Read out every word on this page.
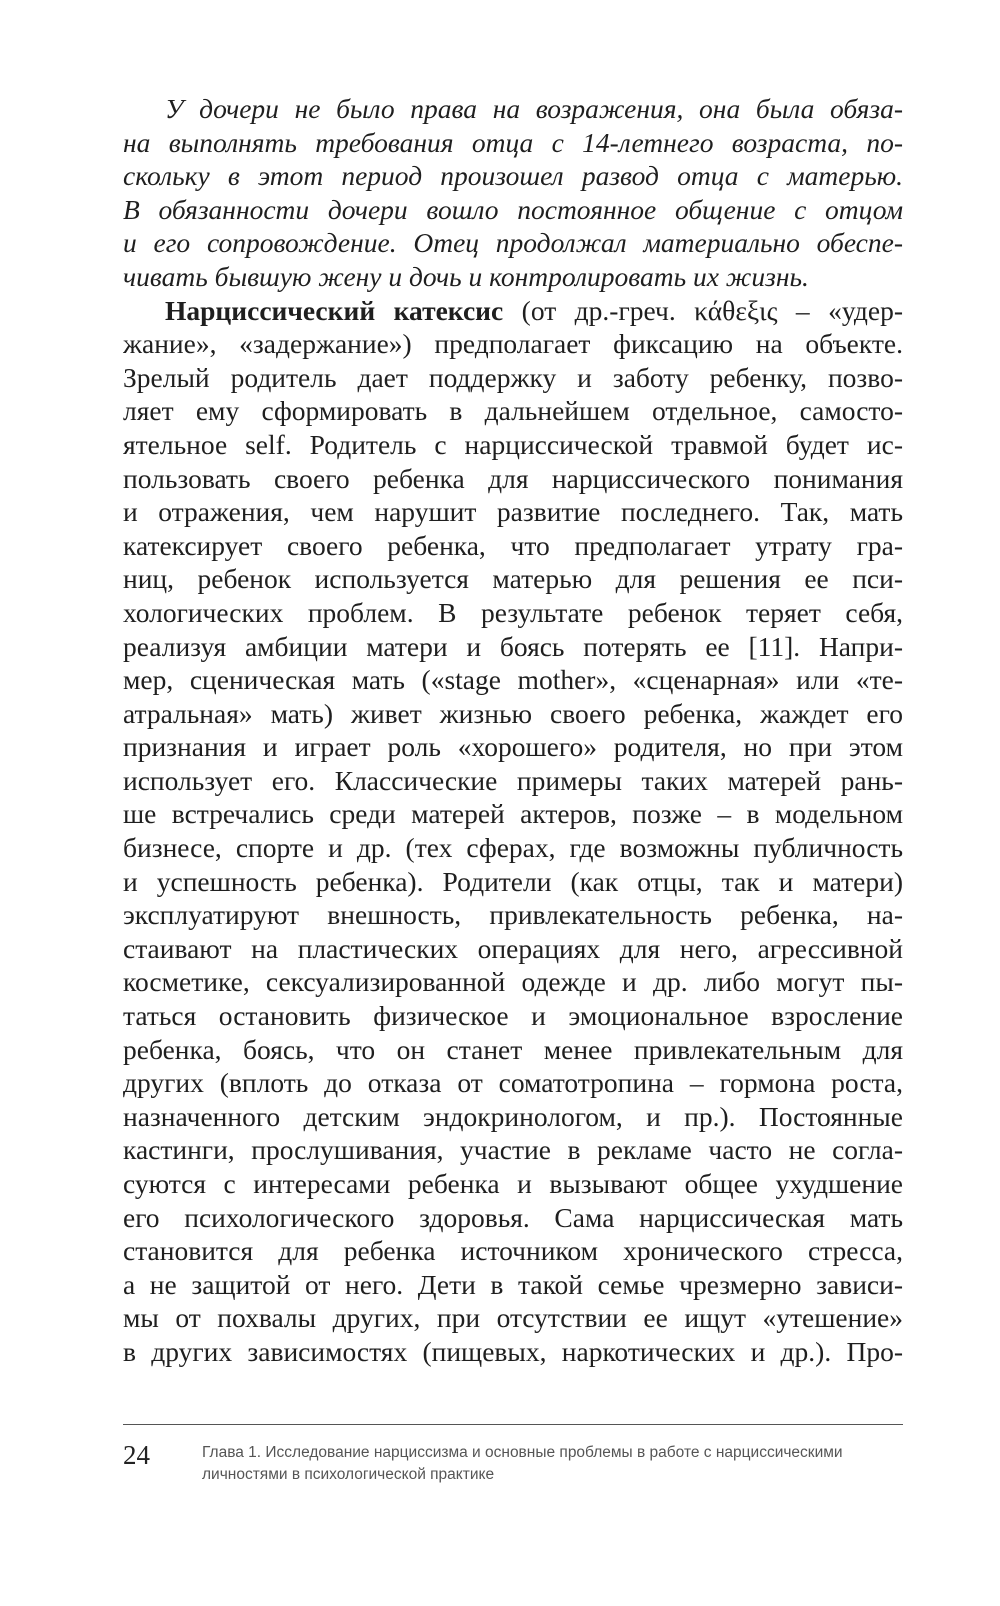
У дочери не было права на возражения, она была обяза-
на выполнять требования отца с 14-летнего возраста, по-
скольку в этот период произошел развод отца с матерью.
В обязанности дочери вошло постоянное общение с отцом
и его сопровождение. Отец продолжал материально обеспе-
чивать бывшую жену и дочь и контролировать их жизнь.
Нарциссический катексис (от др.-греч. κάθεξις – «удер-
жание», «задержание») предполагает фиксацию на объекте.
Зрелый родитель дает поддержку и заботу ребенку, позво-
ляет ему сформировать в дальнейшем отдельное, самосто-
ятельное self. Родитель с нарциссической травмой будет ис-
пользовать своего ребенка для нарциссического понимания
и отражения, чем нарушит развитие последнего. Так, мать
катексирует своего ребенка, что предполагает утрату гра-
ниц, ребенок используется матерью для решения ее пси-
хологических проблем. В результате ребенок теряет себя,
реализуя амбиции матери и боясь потерять ее [11]. Напри-
мер, сценическая мать («stage mother», «сценарная» или «те-
атральная» мать) живет жизнью своего ребенка, жаждет его
признания и играет роль «хорошего» родителя, но при этом
использует его. Классические примеры таких матерей рань-
ше встречались среди матерей актеров, позже – в модельном
бизнесе, спорте и др. (тех сферах, где возможны публичность
и успешность ребенка). Родители (как отцы, так и матери)
эксплуатируют внешность, привлекательность ребенка, на-
стаивают на пластических операциях для него, агрессивной
косметике, сексуализированной одежде и др. либо могут пы-
таться остановить физическое и эмоциональное взросление
ребенка, боясь, что он станет менее привлекательным для
других (вплоть до отказа от соматотропина – гормона роста,
назначенного детским эндокринологом, и пр.). Постоянные
кастинги, прослушивания, участие в рекламе часто не согла-
суются с интересами ребенка и вызывают общее ухудшение
его психологического здоровья. Сама нарциссическая мать
становится для ребенка источником хронического стресса,
а не защитой от него. Дети в такой семье чрезмерно зависи-
мы от похвалы других, при отсутствии ее ищут «утешение»
в других зависимостях (пищевых, наркотических и др.). Про-
24	Глава 1. Исследование нарциссизма и основные проблемы в работе с нарциссическими
личностями в психологической практике
